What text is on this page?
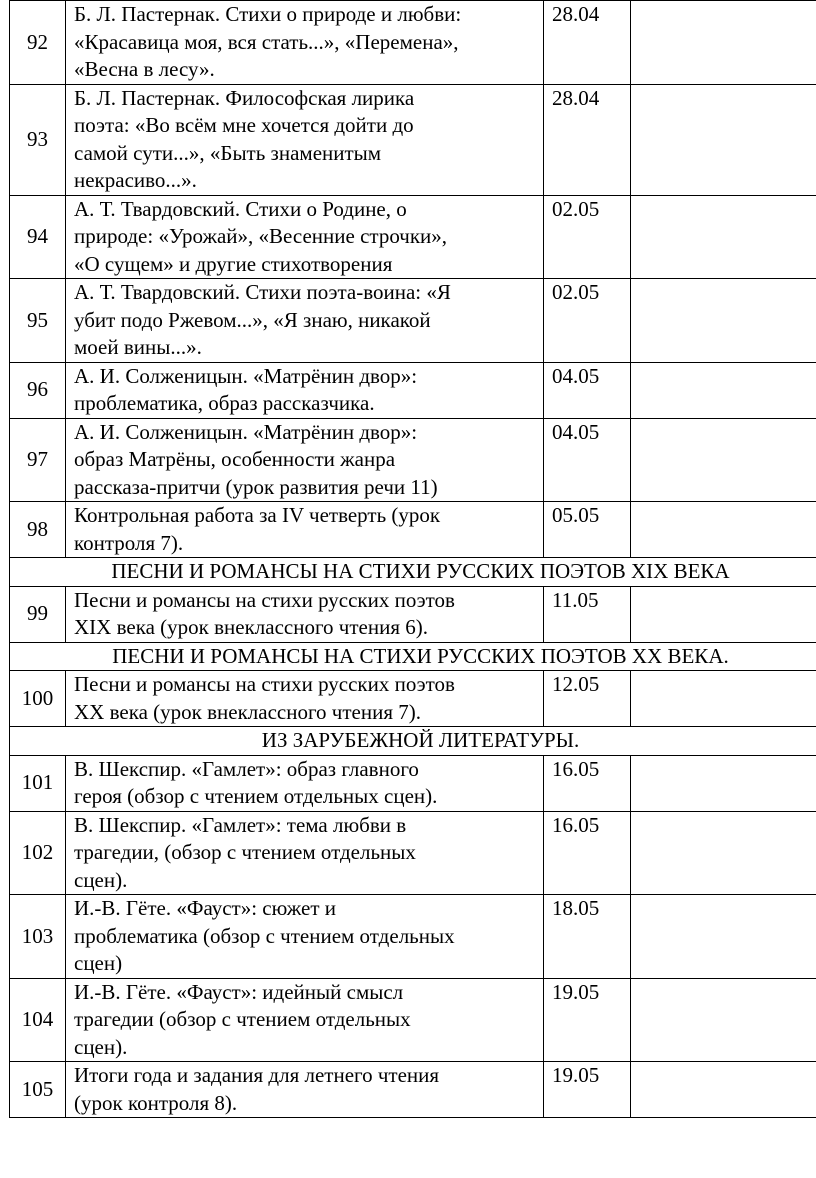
92	Б. Л. Пастернак. Стихи о природе и любви:
«Красавица моя, вся стать...», «Перемена»,
«Весна в лесу».	28.04	
93	Б. Л. Пастернак. Философская лирика
поэта: «Во всём мне хочется дойти до
самой сути...», «Быть знаменитым
некрасиво...».	28.04	
94	А. Т. Твардовский. Стихи о Родине, о
природе: «Урожай», «Весенние строчки»,
«О сущем» и другие стихотворения	02.05	
95	А. Т. Твардовский. Стихи поэта-воина: «Я
убит подо Ржевом...», «Я знаю, никакой
моей вины...».	02.05	
96	А. И. Солженицын. «Матрёнин двор»:
проблематика, образ рассказчика.	04.05	
97	А. И. Солженицын. «Матрёнин двор»:
образ Матрёны, особенности жанра
рассказа-притчи (урок развития речи 11)	04.05	
98	Контрольная работа за IV четверть (урок
контроля 7).	05.05	
ПЕСНИ И РОМАНСЫ НА СТИХИ РУССКИХ ПОЭТОВ XIX ВЕКА			
99	Песни и романсы на стихи русских поэтов
XIX века (урок внеклассного чтения 6).	11.05	
ПЕСНИ И РОМАНСЫ НА СТИХИ РУССКИХ ПОЭТОВ XX ВЕКА.			
100	Песни и романсы на стихи русских поэтов
XX века (урок внеклассного чтения 7).	12.05	
ИЗ ЗАРУБЕЖНОЙ ЛИТЕРАТУРЫ.			
101	В. Шекспир. «Гамлет»: образ главного
героя (обзор с чтением отдельных сцен).	16.05	
102	В. Шекспир. «Гамлет»: тема любви в
трагедии, (обзор с чтением отдельных
сцен).	16.05	
103	И.-В. Гёте. «Фауст»: сюжет и
проблематика (обзор с чтением отдельных
сцен)	18.05	
104	И.-В. Гёте. «Фауст»: идейный смысл
трагедии (обзор с чтением отдельных
сцен).	19.05	
105	Итоги года и задания для летнего чтения
(урок контроля 8).	19.05	
